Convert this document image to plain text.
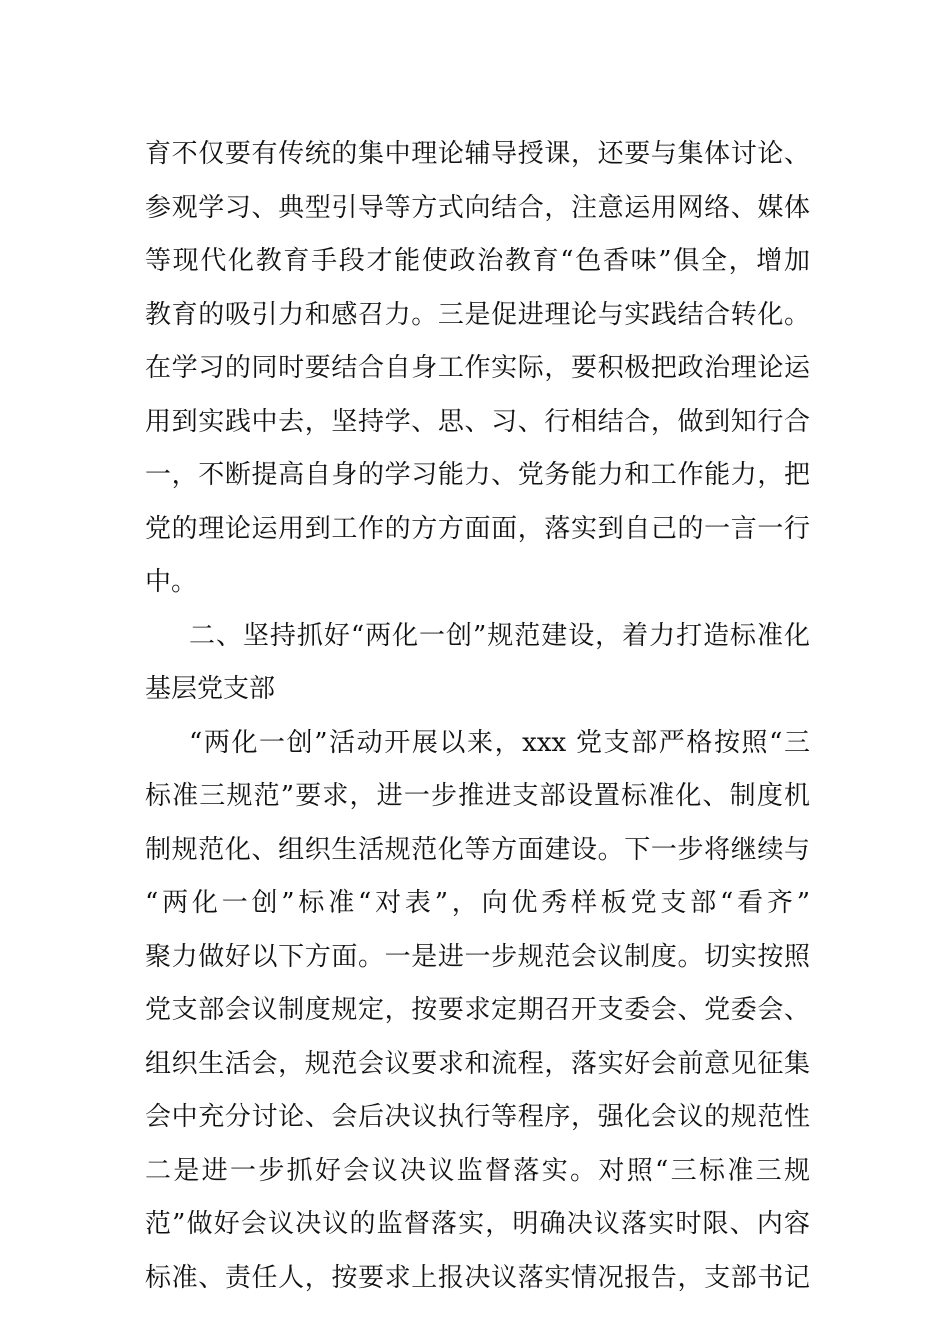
育不仅要有传统的集中理论辅导授课，还要与集体讨论、
参观学习、典型引导等方式向结合，注意运用网络、媒体
等现代化教育手段才能使政治教育“色香味”俱全，增加
教育的吸引力和感召力。三是促进理论与实践结合转化。
在学习的同时要结合自身工作实际，要积极把政治理论运
用到实践中去，坚持学、思、习、行相结合，做到知行合
一，不断提高自身的学习能力、党务能力和工作能力，把
党的理论运用到工作的方方面面，落实到自己的一言一行
中。
二、坚持抓好“两化一创”规范建设，着力打造标准化
基层党支部
“两化一创”活动开展以来，xxx 党支部严格按照“三
标准三规范”要求，进一步推进支部设置标准化、制度机
制规范化、组织生活规范化等方面建设。下一步将继续与
“两化一创”标准“对表”，向优秀样板党支部“看齐”
聚力做好以下方面。一是进一步规范会议制度。切实按照
党支部会议制度规定，按要求定期召开支委会、党委会、
组织生活会，规范会议要求和流程，落实好会前意见征集
会中充分讨论、会后决议执行等程序，强化会议的规范性
二是进一步抓好会议决议监督落实。对照“三标准三规
范”做好会议决议的监督落实，明确决议落实时限、内容
标准、责任人，按要求上报决议落实情况报告，支部书记
